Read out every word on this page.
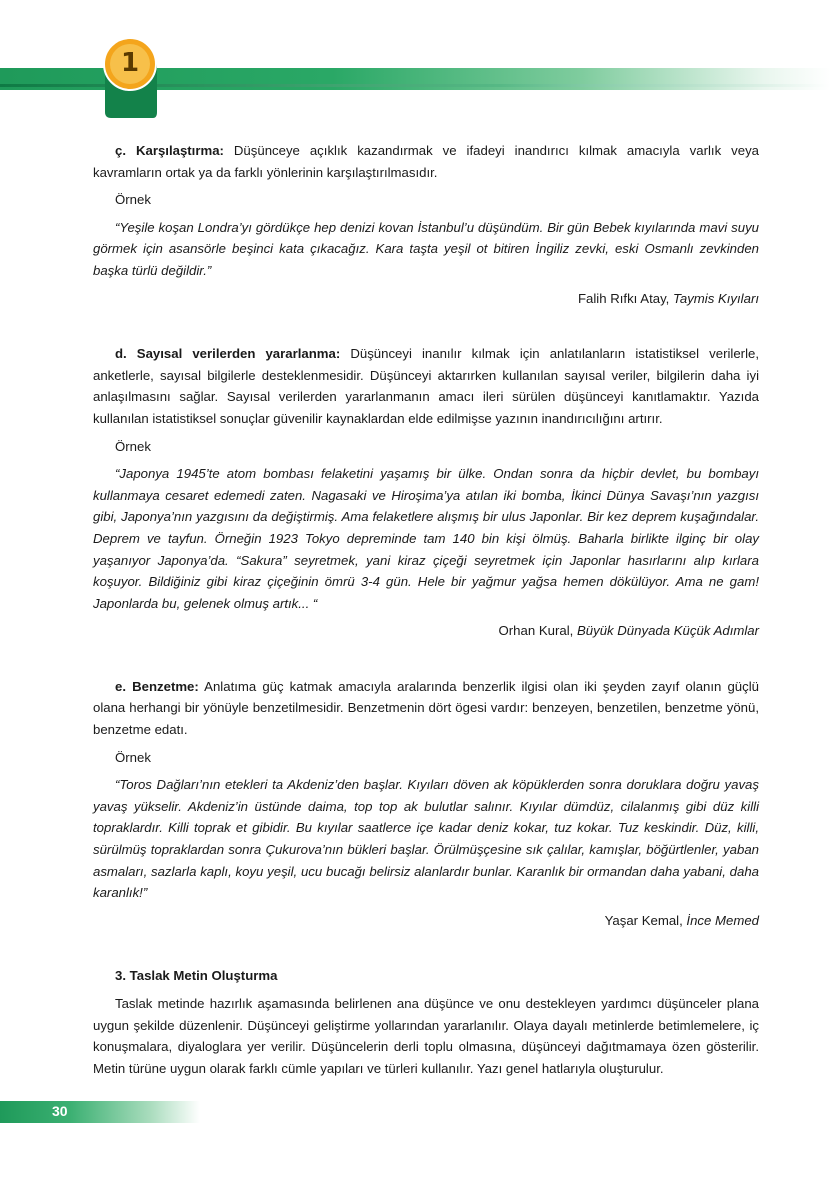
1

ç. Karşılaştırma: Düşünceye açıklık kazandırmak ve ifadeyi inandırıcı kılmak amacıyla varlık veya kavramların ortak ya da farklı yönlerinin karşılaştırılmasıdır.

Örnek

“Yeşile koşan Londra’yı gördükçe hep denizi kovan İstanbul’u düşündüm. Bir gün Bebek kıyılarında mavi suyu görmek için asansörle beşinci kata çıkacağız. Kara taşta yeşil ot bitiren İngiliz zevki, eski Osmanlı zevkinden başka türlü değildir.”

Falih Rıfkı Atay, Taymis Kıyıları

d. Sayısal verilerden yararlanma: Düşünceyi inanılır kılmak için anlatılanların istatistiksel verilerle, anketlerle, sayısal bilgilerle desteklenmesidir. Düşünceyi aktarırken kullanılan sayısal veriler, bilgilerin daha iyi anlaşılmasını sağlar. Sayısal verilerden yararlanmanın amacı ileri sürülen düşünceyi kanıtlamaktır. Yazıda kullanılan istatistiksel sonuçlar güvenilir kaynaklardan elde edilmişse yazının inandırıcılığını artırır.

Örnek

“Japonya 1945’te atom bombası felaketini yaşamış bir ülke. Ondan sonra da hiçbir devlet, bu bombayı kullanmaya cesaret edemedi zaten. Nagasaki ve Hiroşima’ya atılan iki bomba, İkinci Dünya Savaşı’nın yazgısı gibi, Japonya’nın yazgısını da değiştirmiş. Ama felaketlere alışmış bir ulus Japonlar. Bir kez deprem kuşağındalar. Deprem ve tayfun. Örneğin 1923 Tokyo depreminde tam 140 bin kişi ölmüş. Baharla birlikte ilginç bir olay yaşanıyor Japonya’da. “Sakura” seyretmek, yani kiraz çiçeği seyretmek için Japonlar hasırlarını alıp kırlara koşuyor. Bildiğiniz gibi kiraz çiçeğinin ömrü 3-4 gün. Hele bir yağmur yağsa hemen dökülüyor. Ama ne gam! Japonlarda bu, gelenek olmuş artık... “

Orhan Kural, Büyük Dünyada Küçük Adımlar

e. Benzetme: Anlatıma güç katmak amacıyla aralarında benzerlik ilgisi olan iki şeyden zayıf olanın güçlü olana herhangi bir yönüyle benzetilmesidir. Benzetmenin dört ögesi vardır: benzeyen, benzetilen, benzetme yönü, benzetme edatı.

Örnek

“Toros Dağları’nın etekleri ta Akdeniz’den başlar. Kıyıları döven ak köpüklerden sonra doruklara doğru yavaş yavaş yükselir. Akdeniz’in üstünde daima, top top ak bulutlar salınır. Kıyılar dümdüz, cilalanmış gibi düz killi topraklardır. Killi toprak et gibidir. Bu kıyılar saatlerce içe kadar deniz kokar, tuz kokar. Tuz keskindir. Düz, killi, sürülmüş topraklardan sonra Çukurova’nın bükleri başlar. Örülmüşçesine sık çalılar, kamışlar, böğürtlenler, yaban asmaları, sazlarla kaplı, koyu yeşil, ucu bucağı belirsiz alanlardır bunlar. Karanlık bir ormandan daha yabani, daha karanlık!”

Yaşar Kemal, İnce Memed

3. Taslak Metin Oluşturma

Taslak metinde hazırlık aşamasında belirlenen ana düşünce ve onu destekleyen yardımcı düşünceler plana uygun şekilde düzenlenir. Düşünceyi geliştirme yollarından yararlanılır. Olaya dayalı metinlerde betimlemelere, iç konuşmalara, diyaloglara yer verilir. Düşüncelerin derli toplu olmasına, düşünceyi dağıtmamaya özen gösterilir. Metin türüne uygun olarak farklı cümle yapıları ve türleri kullanılır. Yazı genel hatlarıyla oluşturulur.

30
